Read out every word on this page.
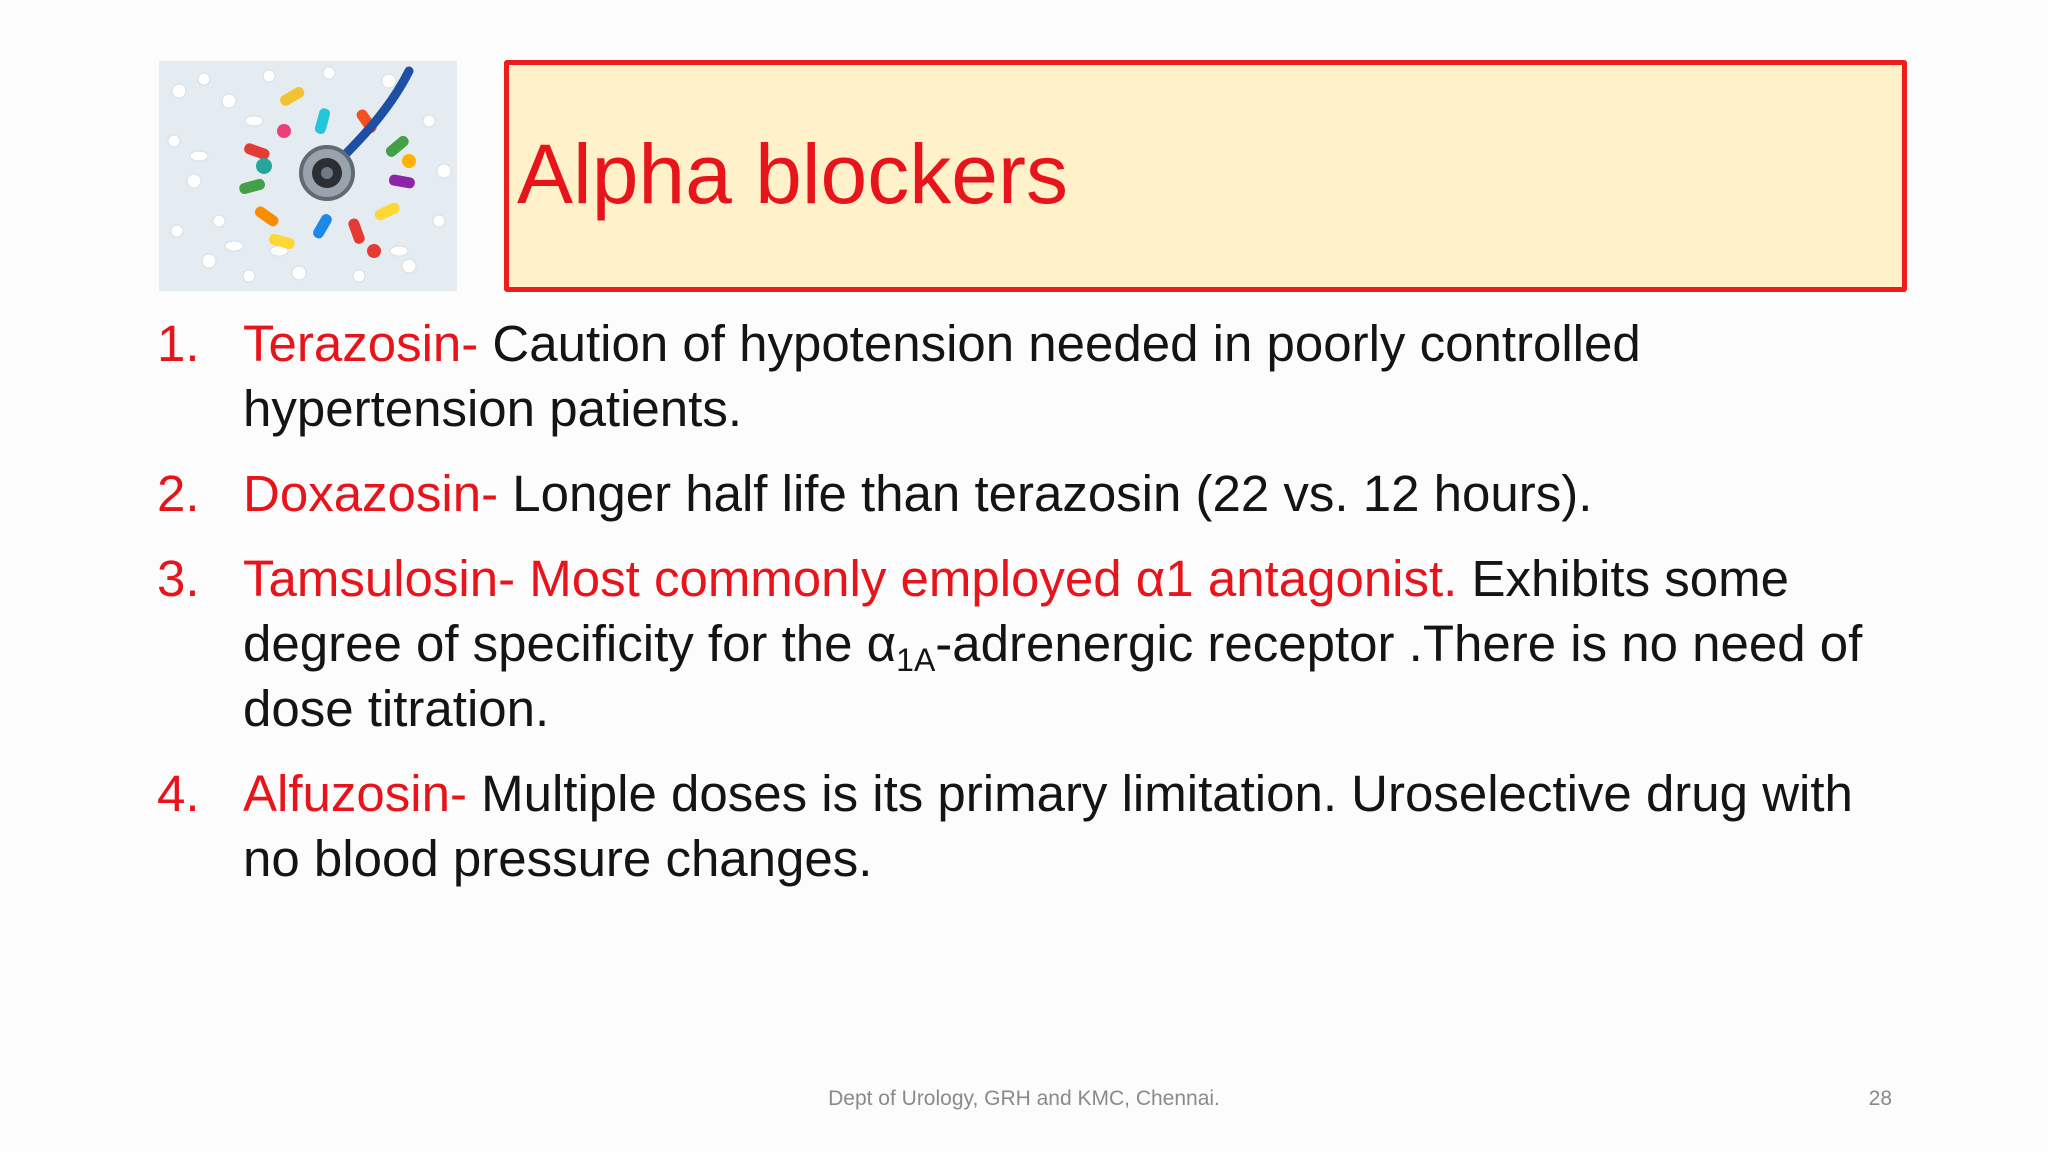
Alpha blockers
1. Terazosin- Caution of hypotension needed in poorly controlled hypertension patients.
2. Doxazosin- Longer half life than terazosin (22 vs. 12 hours).
3. Tamsulosin- Most commonly employed α1 antagonist. Exhibits some degree of specificity for the $\alpha_{1A}$-adrenergic receptor .There is no need of dose titration.
4. Alfuzosin- Multiple doses is its primary limitation. Uroselective drug with no blood pressure changes.
Dept of Urology, GRH and KMC, Chennai.	28
